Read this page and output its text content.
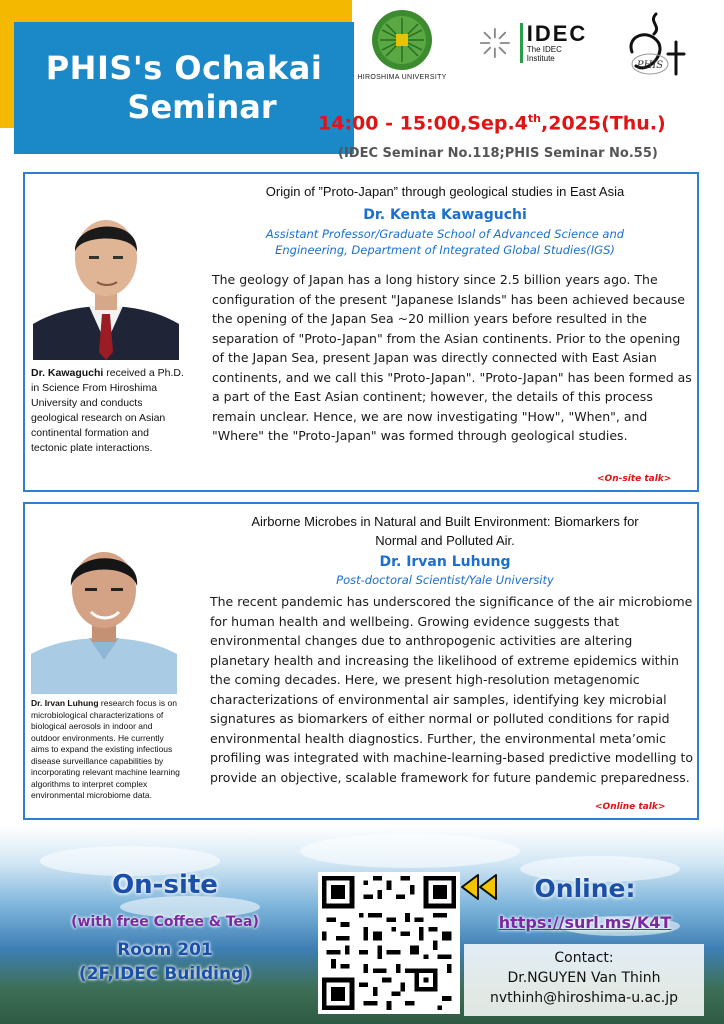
PHIS's Ochakai
Seminar
HIROSHIMA UNIVERSITY
IDEC
The IDEC Institute
PHIS
14:00 - 15:00,Sep.4th,2025(Thu.)
(IDEC Seminar No.118;PHIS Seminar No.55)
Dr. Kawaguchi received a Ph.D. in Science From Hiroshima University and conducts geological research on Asian continental formation and tectonic plate interactions.
Origin of ”Proto-Japan” through geological studies in East Asia
Dr. Kenta Kawaguchi
Assistant Professor/Graduate School of Advanced Science and
Engineering, Department of Integrated Global Studies(IGS)
The geology of Japan has a long history since 2.5 billion years ago. The configuration of the present "Japanese Islands" has been achieved because the opening of the Japan Sea ~20 million years before resulted in the separation of "Proto-Japan" from the Asian continents. Prior to the opening of the Japan Sea, present Japan was directly connected with East Asian continents, and we call this "Proto-Japan". "Proto-Japan" has been formed as a part of the East Asian continent; however, the details of this process remain unclear. Hence, we are now investigating "How", "When", and "Where" the "Proto-Japan" was formed through geological studies.
<On-site talk>
Dr. Irvan Luhung research focus is on microbiological characterizations of biological aerosols in indoor and outdoor environments. He currently aims to expand the existing infectious disease surveillance capabilities by incorporating relevant machine learning algorithms to interpret complex environmental microbiome data.
Airborne Microbes in Natural and Built Environment: Biomarkers for
Normal and Polluted Air.
Dr. Irvan Luhung
Post-doctoral Scientist/Yale University
The recent pandemic has underscored the significance of the air microbiome for human health and wellbeing. Growing evidence suggests that environmental changes due to anthropogenic activities are altering planetary health and increasing the likelihood of extreme epidemics within the coming decades. Here, we present high-resolution metagenomic characterizations of environmental air samples, identifying key microbial signatures as biomarkers of either normal or polluted conditions for rapid environmental health diagnostics. Further, the environmental meta’omic profiling was integrated with machine-learning-based predictive modelling to provide an objective, scalable framework for future pandemic preparedness.
<Online talk>
On-site
(with free Coffee & Tea)
Room 201
(2F,IDEC Building)
Online:
https://surl.ms/K4T
Contact:
Dr.NGUYEN Van Thinh
nvthinh@hiroshima-u.ac.jp
